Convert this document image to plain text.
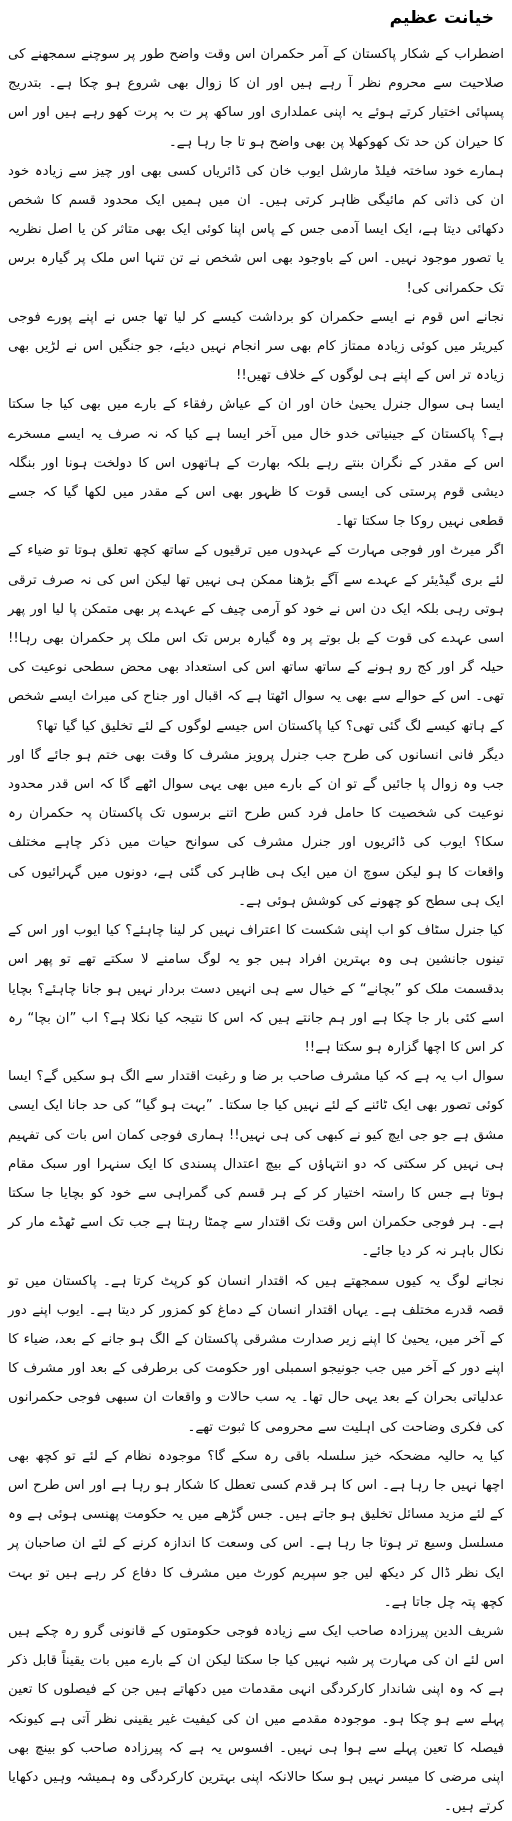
خیانت عظیم

اضطراب کے شکار پاکستان کے آمر حکمران اس وقت واضح طور پر سوچنے سمجھنے کی صلاحیت سے محروم نظر آ رہے ہیں اور ان کا زوال بھی شروع ہو چکا ہے۔ بتدریج پسپائی اختیار کرتے ہوئے یہ اپنی عملداری اور ساکھ پر ت بہ پرت کھو رہے ہیں اور اس کا حیران کن حد تک کھوکھلا پن بھی واضح ہو تا جا رہا ہے۔

ہمارے خود ساختہ فیلڈ مارشل ایوب خان کی ڈائریاں کسی بھی اور چیز سے زیادہ خود ان کی ذاتی کم مائیگی ظاہر کرتی ہیں۔ ان میں ہمیں ایک محدود قسم کا شخص دکھائی دیتا ہے، ایک ایسا آدمی جس کے پاس اپنا کوئی ایک بھی متاثر کن یا اصل نظریہ یا تصور موجود نہیں۔ اس کے باوجود بھی اس شخص نے تن تنہا اس ملک پر گیارہ برس تک حکمرانی کی!

نجانے اس قوم نے ایسے حکمران کو برداشت کیسے کر لیا تھا جس نے اپنے پورے فوجی کیریئر میں کوئی زیادہ ممتاز کام بھی سر انجام نہیں دیئے، جو جنگیں اس نے لڑیں بھی زیادہ تر اس کے اپنے ہی لوگوں کے خلاف تھیں!!

ایسا ہی سوال جنرل یحییٰ خان اور ان کے عیاش رفقاء کے بارے میں بھی کیا جا سکتا ہے؟ پاکستان کے جینیاتی خدو خال میں آخر ایسا ہے کیا کہ نہ صرف یہ ایسے مسخرے اس کے مقدر کے نگران بنتے رہے بلکہ بھارت کے ہاتھوں اس کا دولخت ہونا اور بنگلہ دیشی قوم پرستی کی ایسی قوت کا ظہور بھی اس کے مقدر میں لکھا گیا کہ جسے قطعی نہیں روکا جا سکتا تھا۔

اگر میرٹ اور فوجی مہارت کے عہدوں میں ترقیوں کے ساتھ کچھ تعلق ہوتا تو ضیاء کے لئے بری گیڈیئر کے عہدے سے آگے بڑھنا ممکن ہی نہیں تھا لیکن اس کی نہ صرف ترقی ہوتی رہی بلکہ ایک دن اس نے خود کو آرمی چیف کے عہدے پر بھی متمکن پا لیا اور پھر اسی عہدے کی قوت کے بل بوتے پر وہ گیارہ برس تک اس ملک پر حکمران بھی رہا!! حیلہ گر اور کج رو ہونے کے ساتھ ساتھ اس کی استعداد بھی محض سطحی نوعیت کی تھی۔ اس کے حوالے سے بھی یہ سوال اٹھتا ہے کہ اقبال اور جناح کی میراث ایسے شخص کے ہاتھ کیسے لگ گئی تھی؟ کیا پاکستان اس جیسے لوگوں کے لئے تخلیق کیا گیا تھا؟

دیگر فانی انسانوں کی طرح جب جنرل پرویز مشرف کا وقت بھی ختم ہو جائے گا اور جب وہ زوال پا جائیں گے تو ان کے بارے میں بھی یہی سوال اٹھے گا کہ اس قدر محدود نوعیت کی شخصیت کا حامل فرد کس طرح اتنے برسوں تک پاکستان پہ حکمران رہ سکا؟ ایوب کی ڈائریوں اور جنرل مشرف کی سوانح حیات میں ذکر چاہے مختلف واقعات کا ہو لیکن سوچ ان میں ایک ہی ظاہر کی گئی ہے، دونوں میں گہرائیوں کی ایک ہی سطح کو چھونے کی کوشش ہوئی ہے۔

کیا جنرل سٹاف کو اب اپنی شکست کا اعتراف نہیں کر لینا چاہئے؟ کیا ایوب اور اس کے تینوں جانشین ہی وہ بہترین افراد ہیں جو یہ لوگ سامنے لا سکتے تھے تو پھر اس بدقسمت ملک کو ”بچانے“ کے خیال سے ہی انہیں دست بردار نہیں ہو جانا چاہئے؟ بچایا اسے کئی بار جا چکا ہے اور ہم جانتے ہیں کہ اس کا نتیجہ کیا نکلا ہے؟ اب ”ان بچا“ رہ کر اس کا اچھا گزارہ ہو سکتا ہے!!

سوال اب یہ ہے کہ کیا مشرف صاحب بر ضا و رغبت اقتدار سے الگ ہو سکیں گے؟ ایسا کوئی تصور بھی ایک ٹائنے کے لئے نہیں کیا جا سکتا۔ ”بہت ہو گیا“ کی حد جانا ایک ایسی مشق ہے جو جی ایچ کیو نے کبھی کی ہی نہیں!! ہماری فوجی کمان اس بات کی تفہیم ہی نہیں کر سکتی کہ دو انتہاؤں کے بیچ اعتدال پسندی کا ایک سنہرا اور سبک مقام ہوتا ہے جس کا راستہ اختیار کر کے ہر قسم کی گمراہی سے خود کو بچایا جا سکتا ہے۔ ہر فوجی حکمران اس وقت تک اقتدار سے چمٹا رہتا ہے جب تک اسے ٹھڈے مار کر نکال باہر نہ کر دیا جائے۔

نجانے لوگ یہ کیوں سمجھتے ہیں کہ اقتدار انسان کو کرپٹ کرتا ہے۔ پاکستان میں تو قصہ قدرے مختلف ہے۔ یہاں اقتدار انسان کے دماغ کو کمزور کر دیتا ہے۔ ایوب اپنے دور کے آخر میں، یحییٰ کا اپنے زیر صدارت مشرقی پاکستان کے الگ ہو جانے کے بعد، ضیاء کا اپنے دور کے آخر میں جب جونیجو اسمبلی اور حکومت کی برطرفی کے بعد اور مشرف کا عدلیاتی بحران کے بعد یہی حال تھا۔ یہ سب حالات و واقعات ان سبھی فوجی حکمرانوں کی فکری وضاحت کی اہلیت سے محرومی کا ثبوت تھے۔

کیا یہ حالیہ مضحکہ خیز سلسلہ باقی رہ سکے گا؟ موجودہ نظام کے لئے تو کچھ بھی اچھا نہیں جا رہا ہے۔ اس کا ہر قدم کسی تعطل کا شکار ہو رہا ہے اور اس طرح اس کے لئے مزید مسائل تخلیق ہو جاتے ہیں۔ جس گڑھے میں یہ حکومت پھنسی ہوئی ہے وہ مسلسل وسیع تر ہوتا جا رہا ہے۔ اس کی وسعت کا اندازہ کرنے کے لئے ان صاحبان پر ایک نظر ڈال کر دیکھ لیں جو سپریم کورٹ میں مشرف کا دفاع کر رہے ہیں تو بہت کچھ پتہ چل جاتا ہے۔

شریف الدین پیرزادہ صاحب ایک سے زیادہ فوجی حکومتوں کے قانونی گرو رہ چکے ہیں اس لئے ان کی مہارت پر شبہ نہیں کیا جا سکتا لیکن ان کے بارے میں بات یقیناً قابل ذکر ہے کہ وہ اپنی شاندار کارکردگی انہی مقدمات میں دکھاتے ہیں جن کے فیصلوں کا تعین پہلے سے ہو چکا ہو۔ موجودہ مقدمے میں ان کی کیفیت غیر یقینی نظر آتی ہے کیونکہ فیصلہ کا تعین پہلے سے ہوا ہی نہیں۔ افسوس یہ ہے کہ پیرزادہ صاحب کو بینچ بھی اپنی مرضی کا میسر نہیں ہو سکا حالانکہ اپنی بہترین کارکردگی وہ ہمیشہ وہیں دکھایا کرتے ہیں۔
